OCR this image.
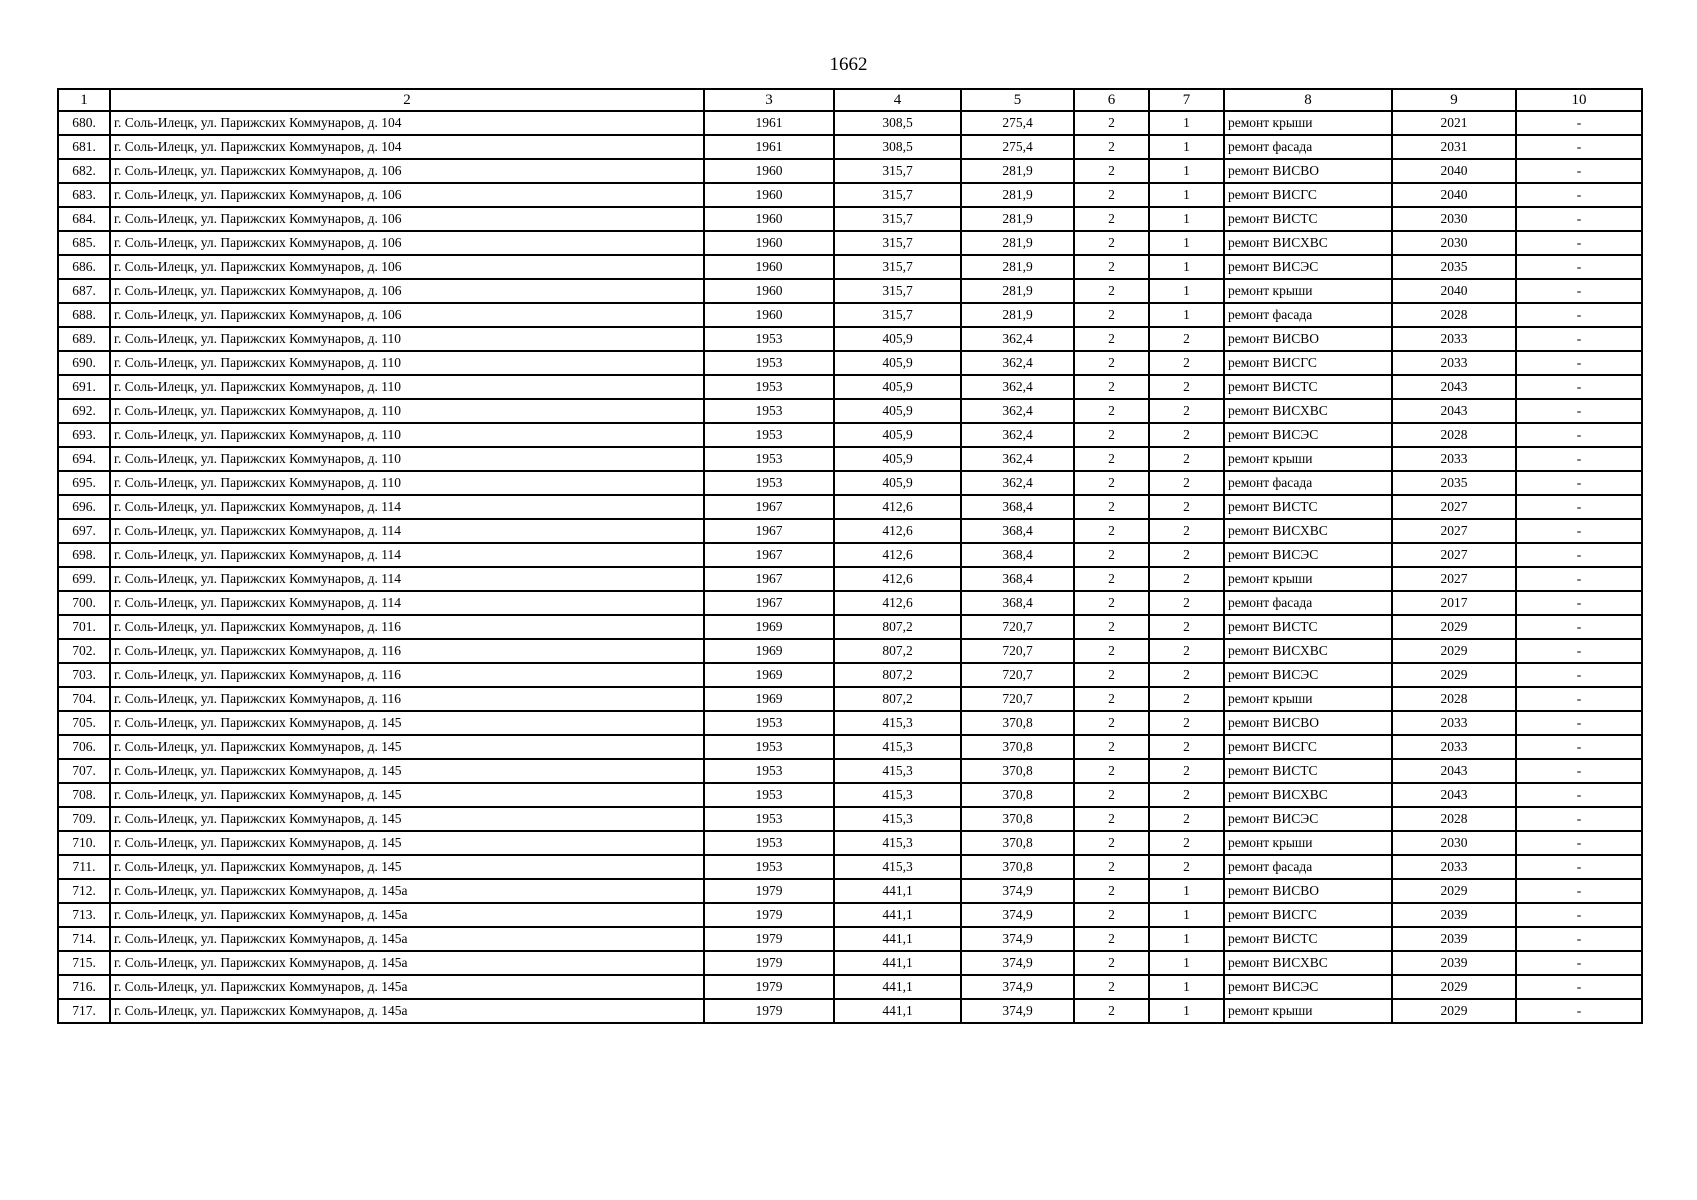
1662
1	2	3	4	5	6	7	8	9	10
680.	г. Соль-Илецк, ул. Парижских Коммунаров, д. 104	1961	308,5	275,4	2	1	ремонт крыши	2021	-
681.	г. Соль-Илецк, ул. Парижских Коммунаров, д. 104	1961	308,5	275,4	2	1	ремонт фасада	2031	-
682.	г. Соль-Илецк, ул. Парижских Коммунаров, д. 106	1960	315,7	281,9	2	1	ремонт ВИСВО	2040	-
683.	г. Соль-Илецк, ул. Парижских Коммунаров, д. 106	1960	315,7	281,9	2	1	ремонт ВИСГС	2040	-
684.	г. Соль-Илецк, ул. Парижских Коммунаров, д. 106	1960	315,7	281,9	2	1	ремонт ВИСТС	2030	-
685.	г. Соль-Илецк, ул. Парижских Коммунаров, д. 106	1960	315,7	281,9	2	1	ремонт ВИСХВС	2030	-
686.	г. Соль-Илецк, ул. Парижских Коммунаров, д. 106	1960	315,7	281,9	2	1	ремонт ВИСЭС	2035	-
687.	г. Соль-Илецк, ул. Парижских Коммунаров, д. 106	1960	315,7	281,9	2	1	ремонт крыши	2040	-
688.	г. Соль-Илецк, ул. Парижских Коммунаров, д. 106	1960	315,7	281,9	2	1	ремонт фасада	2028	-
689.	г. Соль-Илецк, ул. Парижских Коммунаров, д. 110	1953	405,9	362,4	2	2	ремонт ВИСВО	2033	-
690.	г. Соль-Илецк, ул. Парижских Коммунаров, д. 110	1953	405,9	362,4	2	2	ремонт ВИСГС	2033	-
691.	г. Соль-Илецк, ул. Парижских Коммунаров, д. 110	1953	405,9	362,4	2	2	ремонт ВИСТС	2043	-
692.	г. Соль-Илецк, ул. Парижских Коммунаров, д. 110	1953	405,9	362,4	2	2	ремонт ВИСХВС	2043	-
693.	г. Соль-Илецк, ул. Парижских Коммунаров, д. 110	1953	405,9	362,4	2	2	ремонт ВИСЭС	2028	-
694.	г. Соль-Илецк, ул. Парижских Коммунаров, д. 110	1953	405,9	362,4	2	2	ремонт крыши	2033	-
695.	г. Соль-Илецк, ул. Парижских Коммунаров, д. 110	1953	405,9	362,4	2	2	ремонт фасада	2035	-
696.	г. Соль-Илецк, ул. Парижских Коммунаров, д. 114	1967	412,6	368,4	2	2	ремонт ВИСТС	2027	-
697.	г. Соль-Илецк, ул. Парижских Коммунаров, д. 114	1967	412,6	368,4	2	2	ремонт ВИСХВС	2027	-
698.	г. Соль-Илецк, ул. Парижских Коммунаров, д. 114	1967	412,6	368,4	2	2	ремонт ВИСЭС	2027	-
699.	г. Соль-Илецк, ул. Парижских Коммунаров, д. 114	1967	412,6	368,4	2	2	ремонт крыши	2027	-
700.	г. Соль-Илецк, ул. Парижских Коммунаров, д. 114	1967	412,6	368,4	2	2	ремонт фасада	2017	-
701.	г. Соль-Илецк, ул. Парижских Коммунаров, д. 116	1969	807,2	720,7	2	2	ремонт ВИСТС	2029	-
702.	г. Соль-Илецк, ул. Парижских Коммунаров, д. 116	1969	807,2	720,7	2	2	ремонт ВИСХВС	2029	-
703.	г. Соль-Илецк, ул. Парижских Коммунаров, д. 116	1969	807,2	720,7	2	2	ремонт ВИСЭС	2029	-
704.	г. Соль-Илецк, ул. Парижских Коммунаров, д. 116	1969	807,2	720,7	2	2	ремонт крыши	2028	-
705.	г. Соль-Илецк, ул. Парижских Коммунаров, д. 145	1953	415,3	370,8	2	2	ремонт ВИСВО	2033	-
706.	г. Соль-Илецк, ул. Парижских Коммунаров, д. 145	1953	415,3	370,8	2	2	ремонт ВИСГС	2033	-
707.	г. Соль-Илецк, ул. Парижских Коммунаров, д. 145	1953	415,3	370,8	2	2	ремонт ВИСТС	2043	-
708.	г. Соль-Илецк, ул. Парижских Коммунаров, д. 145	1953	415,3	370,8	2	2	ремонт ВИСХВС	2043	-
709.	г. Соль-Илецк, ул. Парижских Коммунаров, д. 145	1953	415,3	370,8	2	2	ремонт ВИСЭС	2028	-
710.	г. Соль-Илецк, ул. Парижских Коммунаров, д. 145	1953	415,3	370,8	2	2	ремонт крыши	2030	-
711.	г. Соль-Илецк, ул. Парижских Коммунаров, д. 145	1953	415,3	370,8	2	2	ремонт фасада	2033	-
712.	г. Соль-Илецк, ул. Парижских Коммунаров, д. 145а	1979	441,1	374,9	2	1	ремонт ВИСВО	2029	-
713.	г. Соль-Илецк, ул. Парижских Коммунаров, д. 145а	1979	441,1	374,9	2	1	ремонт ВИСГС	2039	-
714.	г. Соль-Илецк, ул. Парижских Коммунаров, д. 145а	1979	441,1	374,9	2	1	ремонт ВИСТС	2039	-
715.	г. Соль-Илецк, ул. Парижских Коммунаров, д. 145а	1979	441,1	374,9	2	1	ремонт ВИСХВС	2039	-
716.	г. Соль-Илецк, ул. Парижских Коммунаров, д. 145а	1979	441,1	374,9	2	1	ремонт ВИСЭС	2029	-
717.	г. Соль-Илецк, ул. Парижских Коммунаров, д. 145а	1979	441,1	374,9	2	1	ремонт крыши	2029	-
